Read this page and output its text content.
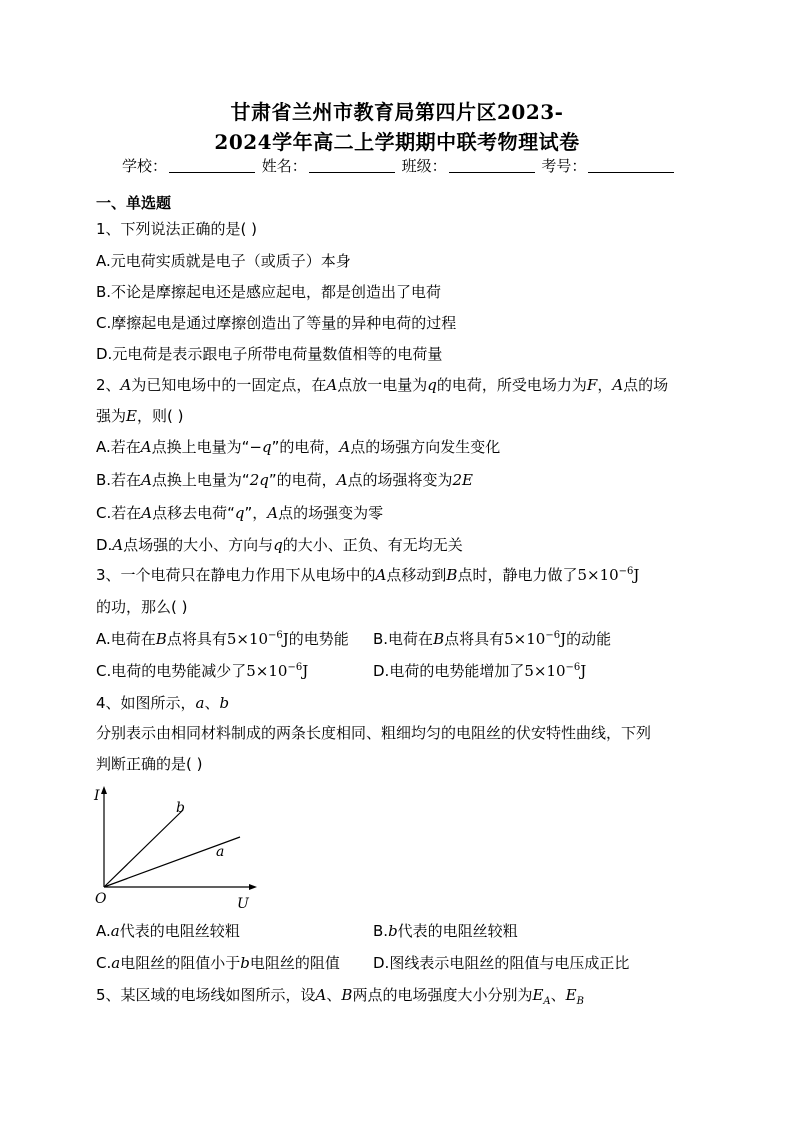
甘肃省兰州市教育局第四片区2023-
2024学年高二上学期期中联考物理试卷
学校：	姓名：	班级：	考号：
一、单选题
1、下列说法正确的是( )
A.元电荷实质就是电子（或质子）本身
B.不论是摩擦起电还是感应起电，都是创造出了电荷
C.摩擦起电是通过摩擦创造出了等量的异种电荷的过程
D.元电荷是表示跟电子所带电荷量数值相等的电荷量
2、A为已知电场中的一固定点，在A点放一电量为q的电荷，所受电场力为F，A点的场
强为E，则( )
A.若在A点换上电量为“−q”的电荷，A点的场强方向发生变化
B.若在A点换上电量为“2q”的电荷，A点的场强将变为2E
C.若在A点移去电荷“q”，A点的场强变为零
D.A点场强的大小、方向与q的大小、正负、有无均无关
3、一个电荷只在静电力作用下从电场中的A点移动到B点时，静电力做了$5\times 10^{-6}J$
的功，那么( )
A.电荷在B点将具有$5\times 10^{-6}J$的电势能 B.电荷在B点将具有$5\times 10^{-6}J$的动能
C.电荷的电势能减少了$5\times 10^{-6}J$	D.电荷的电势能增加了$5\times 10^{-6}J$
4、如图所示，a、b
分别表示由相同材料制成的两条长度相同、粗细均匀的电阻丝的伏安特性曲线，下列
判断正确的是( )
I
U
O
b
a
A.a代表的电阻丝较粗	B.b代表的电阻丝较粗
C.a电阻丝的阻值小于b电阻丝的阻值 D.图线表示电阻丝的阻值与电压成正比
5、某区域的电场线如图所示，设A、B两点的电场强度大小分别为$E_A$、$E_B$
